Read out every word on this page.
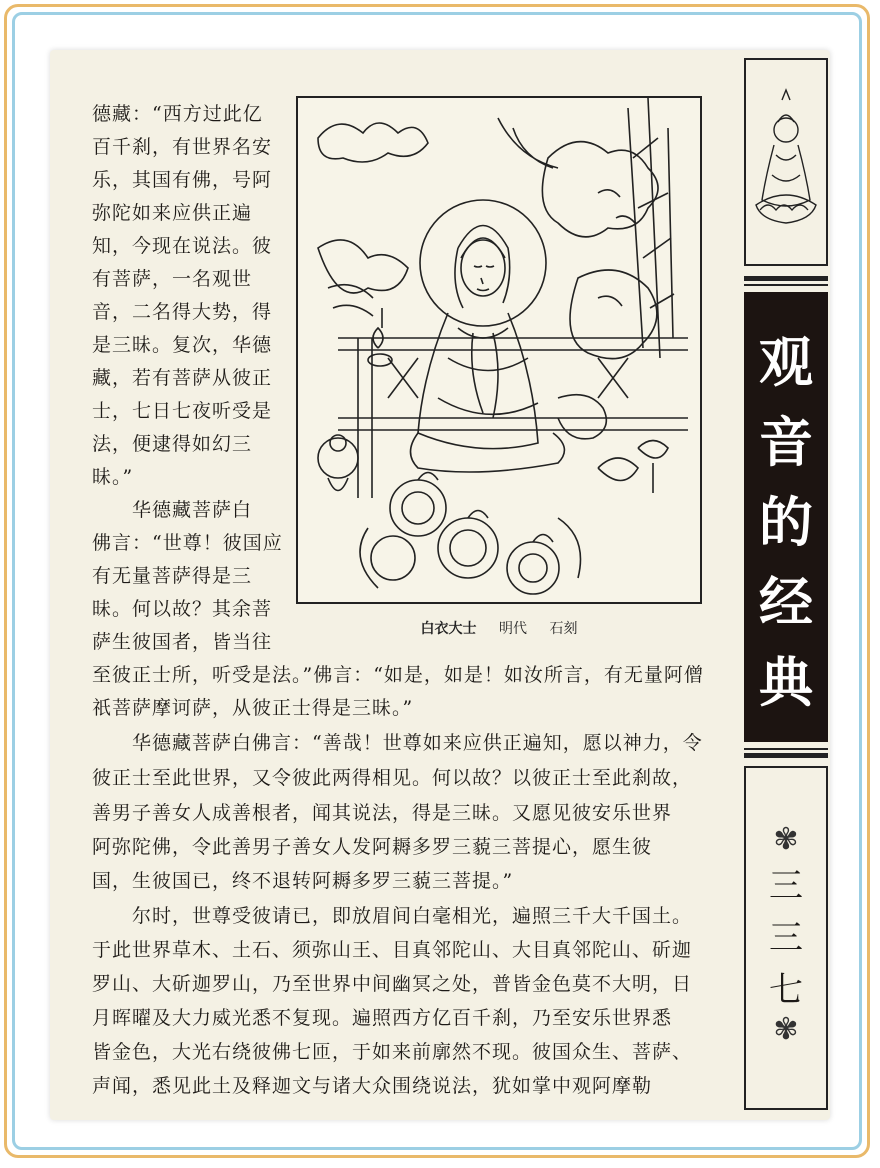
德藏：“西方过此亿
百千刹，有世界名安
乐，其国有佛，号阿
弥陀如来应供正遍
知，今现在说法。彼
有菩萨，一名观世
音，二名得大势，得
是三昧。复次，华德
藏，若有菩萨从彼正
士，七日七夜听受是
法，便逮得如幻三
昧。”
　　华德藏菩萨白
佛言：“世尊！彼国应
有无量菩萨得是三
昧。何以故？其余菩
萨生彼国者，皆当往
白衣大士 明代 石刻
至彼正士所，听受是法。”佛言：“如是，如是！如汝所言，有无量阿僧
祇菩萨摩诃萨，从彼正士得是三昧。”
　　华德藏菩萨白佛言：“善哉！世尊如来应供正遍知，愿以神力，令
彼正士至此世界，又令彼此两得相见。何以故？以彼正士至此刹故，
善男子善女人成善根者，闻其说法，得是三昧。又愿见彼安乐世界
阿弥陀佛，令此善男子善女人发阿耨多罗三藐三菩提心，愿生彼
国，生彼国已，终不退转阿耨多罗三藐三菩提。”
　　尔时，世尊受彼请已，即放眉间白毫相光，遍照三千大千国土。
于此世界草木、土石、须弥山王、目真邻陀山、大目真邻陀山、斫迦
罗山、大斫迦罗山，乃至世界中间幽冥之处，普皆金色莫不大明，日
月晖曜及大力威光悉不复现。遍照西方亿百千刹，乃至安乐世界悉
皆金色，大光右绕彼佛七匝，于如来前廓然不现。彼国众生、菩萨、
声闻，悉见此土及释迦文与诸大众围绕说法，犹如掌中观阿摩勒
观
音
的
经
典
✾
三
三
七
✾
